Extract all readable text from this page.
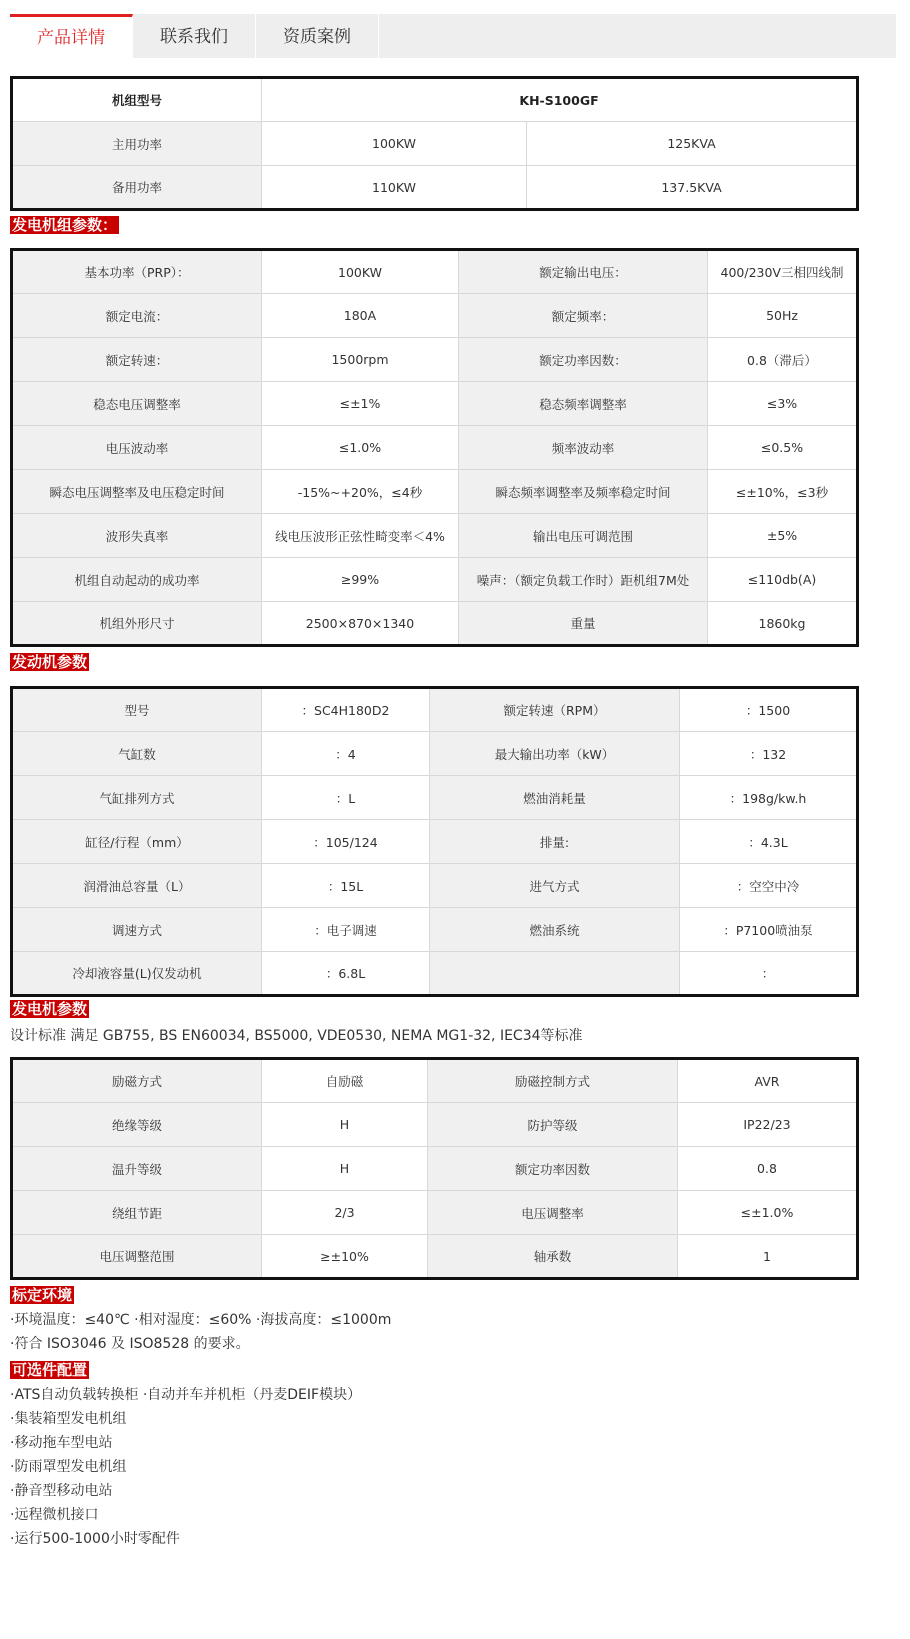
产品详情	联系我们	资质案例
机组型号	KH-S100GF	
主用功率	100KW	125KVA
备用功率	110KW	137.5KVA
发电机组参数：
基本功率（PRP）：	100KW	额定输出电压：	400/230V三相四线制
额定电流：	180A	额定频率：	50Hz
额定转速：	1500rpm	额定功率因数：	0.8（滞后）
稳态电压调整率	≤±1%	稳态频率调整率	≤3%
电压波动率	≤1.0%	频率波动率	≤0.5%
瞬态电压调整率及电压稳定时间	-15%~+20%，≤4秒	瞬态频率调整率及频率稳定时间	≤±10%，≤3秒
波形失真率	线电压波形正弦性畸变率＜4%	输出电压可调范围	±5%
机组自动起动的成功率	≥99%	噪声：（额定负载工作时）距机组7M处	≤110db(A)
机组外形尺寸	2500×870×1340	重量	1860kg
发动机参数
型号	：SC4H180D2	额定转速（RPM）	：1500
气缸数	：4	最大输出功率（kW）	：132
气缸排列方式	：L	燃油消耗量	：198g/kw.h
缸径/行程（mm）	：105/124	排量:	：4.3L
润滑油总容量（L）	：15L	进气方式	：空空中冷
调速方式	：电子调速	燃油系统	：P7100喷油泵
冷却液容量(L)仅发动机	：6.8L		：
发电机参数
设计标准 满足 GB755, BS EN60034, BS5000, VDE0530, NEMA MG1-32, IEC34等标准
励磁方式	自励磁	励磁控制方式	AVR
绝缘等级	H	防护等级	IP22/23
温升等级	H	额定功率因数	0.8
绕组节距	2/3	电压调整率	≤±1.0%
电压调整范围	≥±10%	轴承数	1
标定环境
·环境温度：≤40℃ ·相对湿度：≤60% ·海拔高度：≤1000m
·符合 ISO3046 及 ISO8528 的要求。
可选件配置
·ATS自动负载转换柜 ·自动并车并机柜（丹麦DEIF模块）
·集装箱型发电机组
·移动拖车型电站
·防雨罩型发电机组
·静音型移动电站
·远程微机接口
·运行500-1000小时零配件
